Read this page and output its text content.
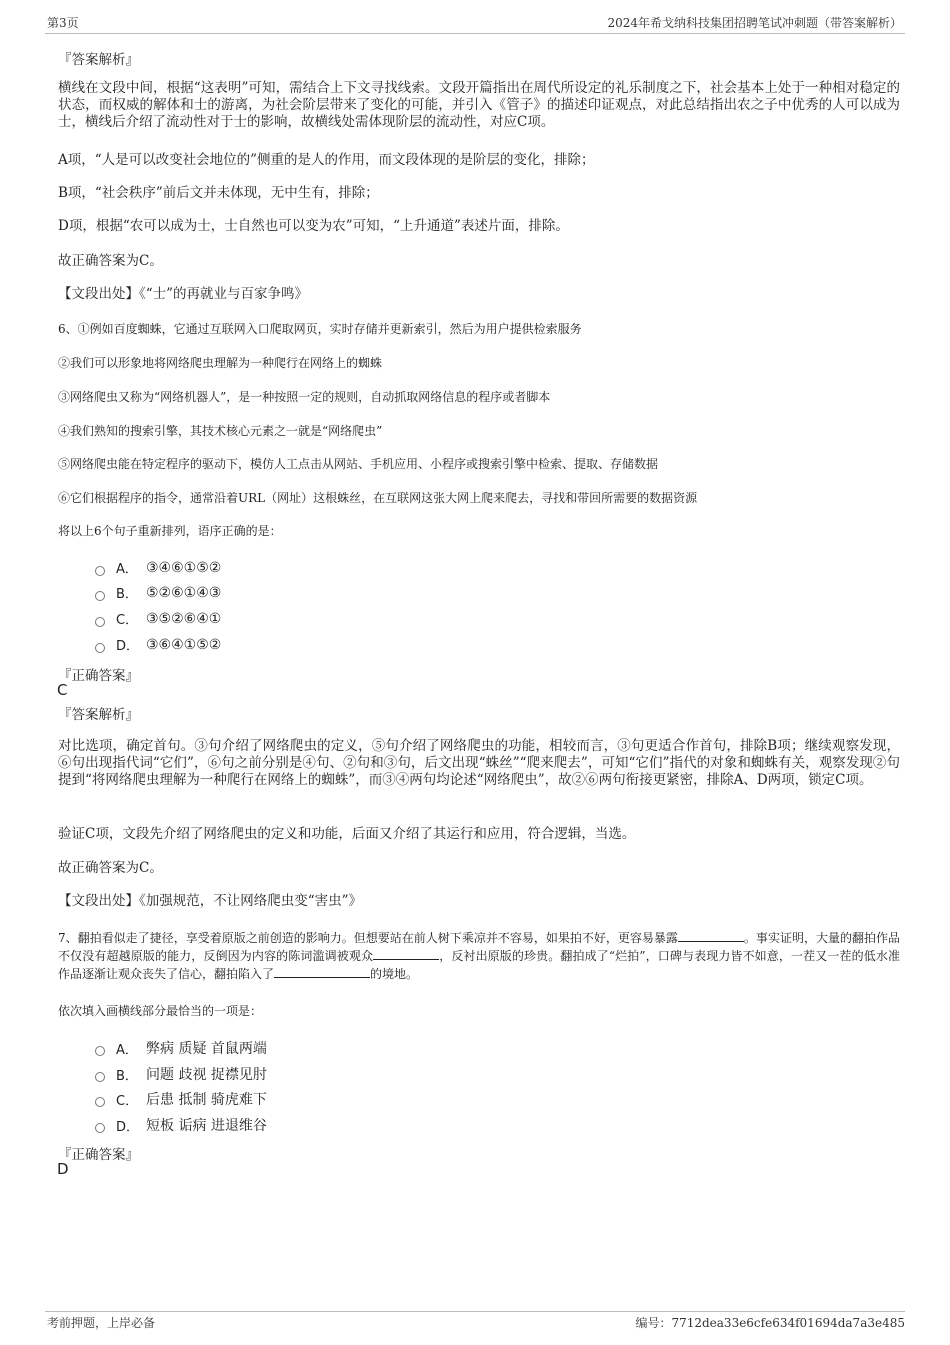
第3页	2024年希戈纳科技集团招聘笔试冲刺题（带答案解析）
『答案解析』
横线在文段中间，根据“这表明”可知，需结合上下文寻找线索。文段开篇指出在周代所设定的礼乐制度之下，社会基本上处于一种相对稳定的状态，而权威的解体和士的游离，为社会阶层带来了变化的可能，并引入《管子》的描述印证观点，对此总结指出农之子中优秀的人可以成为士，横线后介绍了流动性对于士的影响，故横线处需体现阶层的流动性，对应C项。
A项，“人是可以改变社会地位的”侧重的是人的作用，而文段体现的是阶层的变化，排除；
B项，“社会秩序”前后文并未体现，无中生有，排除；
D项，根据“农可以成为士，士自然也可以变为农”可知，“上升通道”表述片面，排除。
故正确答案为C。
【文段出处】《“士”的再就业与百家争鸣》
6、①例如百度蜘蛛，它通过互联网入口爬取网页，实时存储并更新索引，然后为用户提供检索服务
②我们可以形象地将网络爬虫理解为一种爬行在网络上的蜘蛛
③网络爬虫又称为“网络机器人”，是一种按照一定的规则，自动抓取网络信息的程序或者脚本
④我们熟知的搜索引擎，其技术核心元素之一就是“网络爬虫”
⑤网络爬虫能在特定程序的驱动下，模仿人工点击从网站、手机应用、小程序或搜索引擎中检索、提取、存储数据
⑥它们根据程序的指令，通常沿着URL（网址）这根蛛丝，在互联网这张大网上爬来爬去，寻找和带回所需要的数据资源
将以上6个句子重新排列，语序正确的是：
A． ③④⑥①⑤②
B． ⑤②⑥①④③
C． ③⑤②⑥④①
D． ③⑥④①⑤②
『正确答案』
C
『答案解析』
对比选项，确定首句。③句介绍了网络爬虫的定义，⑤句介绍了网络爬虫的功能，相较而言，③句更适合作首句，排除B项；继续观察发现，⑥句出现指代词“它们”，⑥句之前分别是④句、②句和③句，后文出现“蛛丝”“爬来爬去”，可知“它们”指代的对象和蜘蛛有关，观察发现②句提到“将网络爬虫理解为一种爬行在网络上的蜘蛛”，而③④两句均论述“网络爬虫”，故②⑥两句衔接更紧密，排除A、D两项，锁定C项。
验证C项，文段先介绍了网络爬虫的定义和功能，后面又介绍了其运行和应用，符合逻辑，当选。
故正确答案为C。
【文段出处】《加强规范，不让网络爬虫变“害虫”》
7、翻拍看似走了捷径，享受着原版之前创造的影响力。但想要站在前人树下乘凉并不容易，如果拍不好，更容易暴露	。事实证明，大量的翻拍作品不仅没有超越原版的能力，反倒因为内容的陈词滥调被观众	，反衬出原版的珍贵。翻拍成了“烂拍”，口碑与表现力皆不如意，一茬又一茬的低水准作品逐渐让观众丧失了信心，翻拍陷入了	的境地。
依次填入画横线部分最恰当的一项是：
A． 弊病 质疑 首鼠两端
B． 问题 歧视 捉襟见肘
C． 后患 抵制 骑虎难下
D． 短板 诟病 进退维谷
『正确答案』
D
考前押题，上岸必备	编号：7712dea33e6cfe634f01694da7a3e485
